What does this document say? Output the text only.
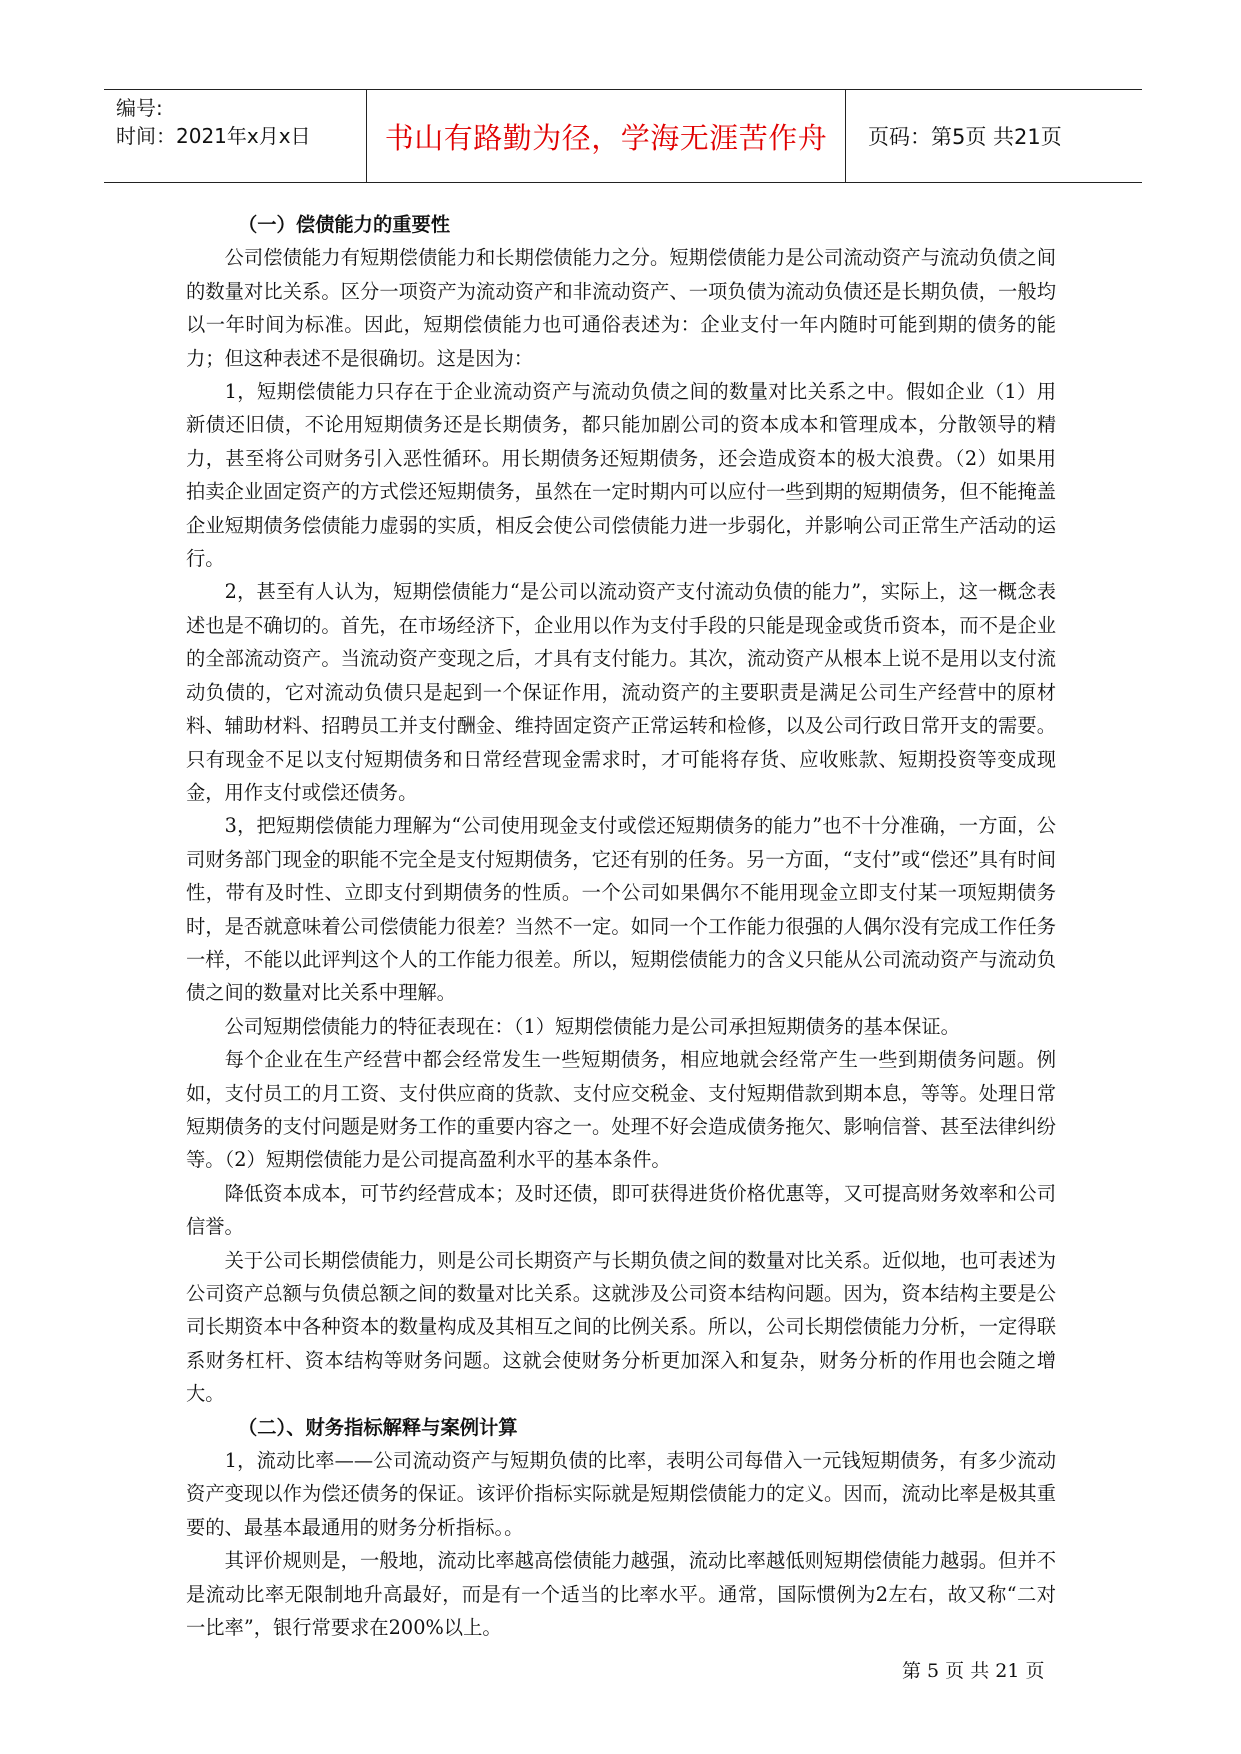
编号:
时间：2021年x月x日	书山有路勤为径，学海无涯苦作舟 页码：第5页 共21页
（一）偿债能力的重要性

公司偿债能力有短期偿债能力和长期偿债能力之分。短期偿债能力是公司流动资产与流动负债之间的数量对比关系。区分一项资产为流动资产和非流动资产、一项负债为流动负债还是长期负债，一般均以一年时间为标准。因此，短期偿债能力也可通俗表述为：企业支付一年内随时可能到期的债务的能力；但这种表述不是很确切。这是因为：

1，短期偿债能力只存在于企业流动资产与流动负债之间的数量对比关系之中。假如企业（1）用新债还旧债，不论用短期债务还是长期债务，都只能加剧公司的资本成本和管理成本，分散领导的精力，甚至将公司财务引入恶性循环。用长期债务还短期债务，还会造成资本的极大浪费。（2）如果用拍卖企业固定资产的方式偿还短期债务，虽然在一定时期内可以应付一些到期的短期债务，但不能掩盖企业短期债务偿债能力虚弱的实质，相反会使公司偿债能力进一步弱化，并影响公司正常生产活动的运行。

2，甚至有人认为，短期偿债能力“是公司以流动资产支付流动负债的能力”，实际上，这一概念表述也是不确切的。首先，在市场经济下，企业用以作为支付手段的只能是现金或货币资本，而不是企业的全部流动资产。当流动资产变现之后，才具有支付能力。其次，流动资产从根本上说不是用以支付流动负债的，它对流动负债只是起到一个保证作用，流动资产的主要职责是满足公司生产经营中的原材料、辅助材料、招聘员工并支付酬金、维持固定资产正常运转和检修，以及公司行政日常开支的需要。只有现金不足以支付短期债务和日常经营现金需求时，才可能将存货、应收账款、短期投资等变成现金，用作支付或偿还债务。

3，把短期偿债能力理解为“公司使用现金支付或偿还短期债务的能力”也不十分准确，一方面，公司财务部门现金的职能不完全是支付短期债务，它还有别的任务。另一方面，“支付”或“偿还”具有时间性，带有及时性、立即支付到期债务的性质。一个公司如果偶尔不能用现金立即支付某一项短期债务时，是否就意味着公司偿债能力很差？当然不一定。如同一个工作能力很强的人偶尔没有完成工作任务一样，不能以此评判这个人的工作能力很差。所以，短期偿债能力的含义只能从公司流动资产与流动负债之间的数量对比关系中理解。

公司短期偿债能力的特征表现在：（1）短期偿债能力是公司承担短期债务的基本保证。

每个企业在生产经营中都会经常发生一些短期债务，相应地就会经常产生一些到期债务问题。例如，支付员工的月工资、支付供应商的货款、支付应交税金、支付短期借款到期本息，等等。处理日常短期债务的支付问题是财务工作的重要内容之一。处理不好会造成债务拖欠、影响信誉、甚至法律纠纷等。（2）短期偿债能力是公司提高盈利水平的基本条件。

降低资本成本，可节约经营成本；及时还债，即可获得进货价格优惠等，又可提高财务效率和公司信誉。

关于公司长期偿债能力，则是公司长期资产与长期负债之间的数量对比关系。近似地，也可表述为公司资产总额与负债总额之间的数量对比关系。这就涉及公司资本结构问题。因为，资本结构主要是公司长期资本中各种资本的数量构成及其相互之间的比例关系。所以，公司长期偿债能力分析，一定得联系财务杠杆、资本结构等财务问题。这就会使财务分析更加深入和复杂，财务分析的作用也会随之增大。

（二）、财务指标解释与案例计算

1，流动比率——公司流动资产与短期负债的比率，表明公司每借入一元钱短期债务，有多少流动资产变现以作为偿还债务的保证。该评价指标实际就是短期偿债能力的定义。因而，流动比率是极其重要的、最基本最通用的财务分析指标。。

其评价规则是，一般地，流动比率越高偿债能力越强，流动比率越低则短期偿债能力越弱。但并不是流动比率无限制地升高最好，而是有一个适当的比率水平。通常，国际惯例为2左右，故又称“二对一比率”，银行常要求在200%以上。

第 5 页 共 21 页
